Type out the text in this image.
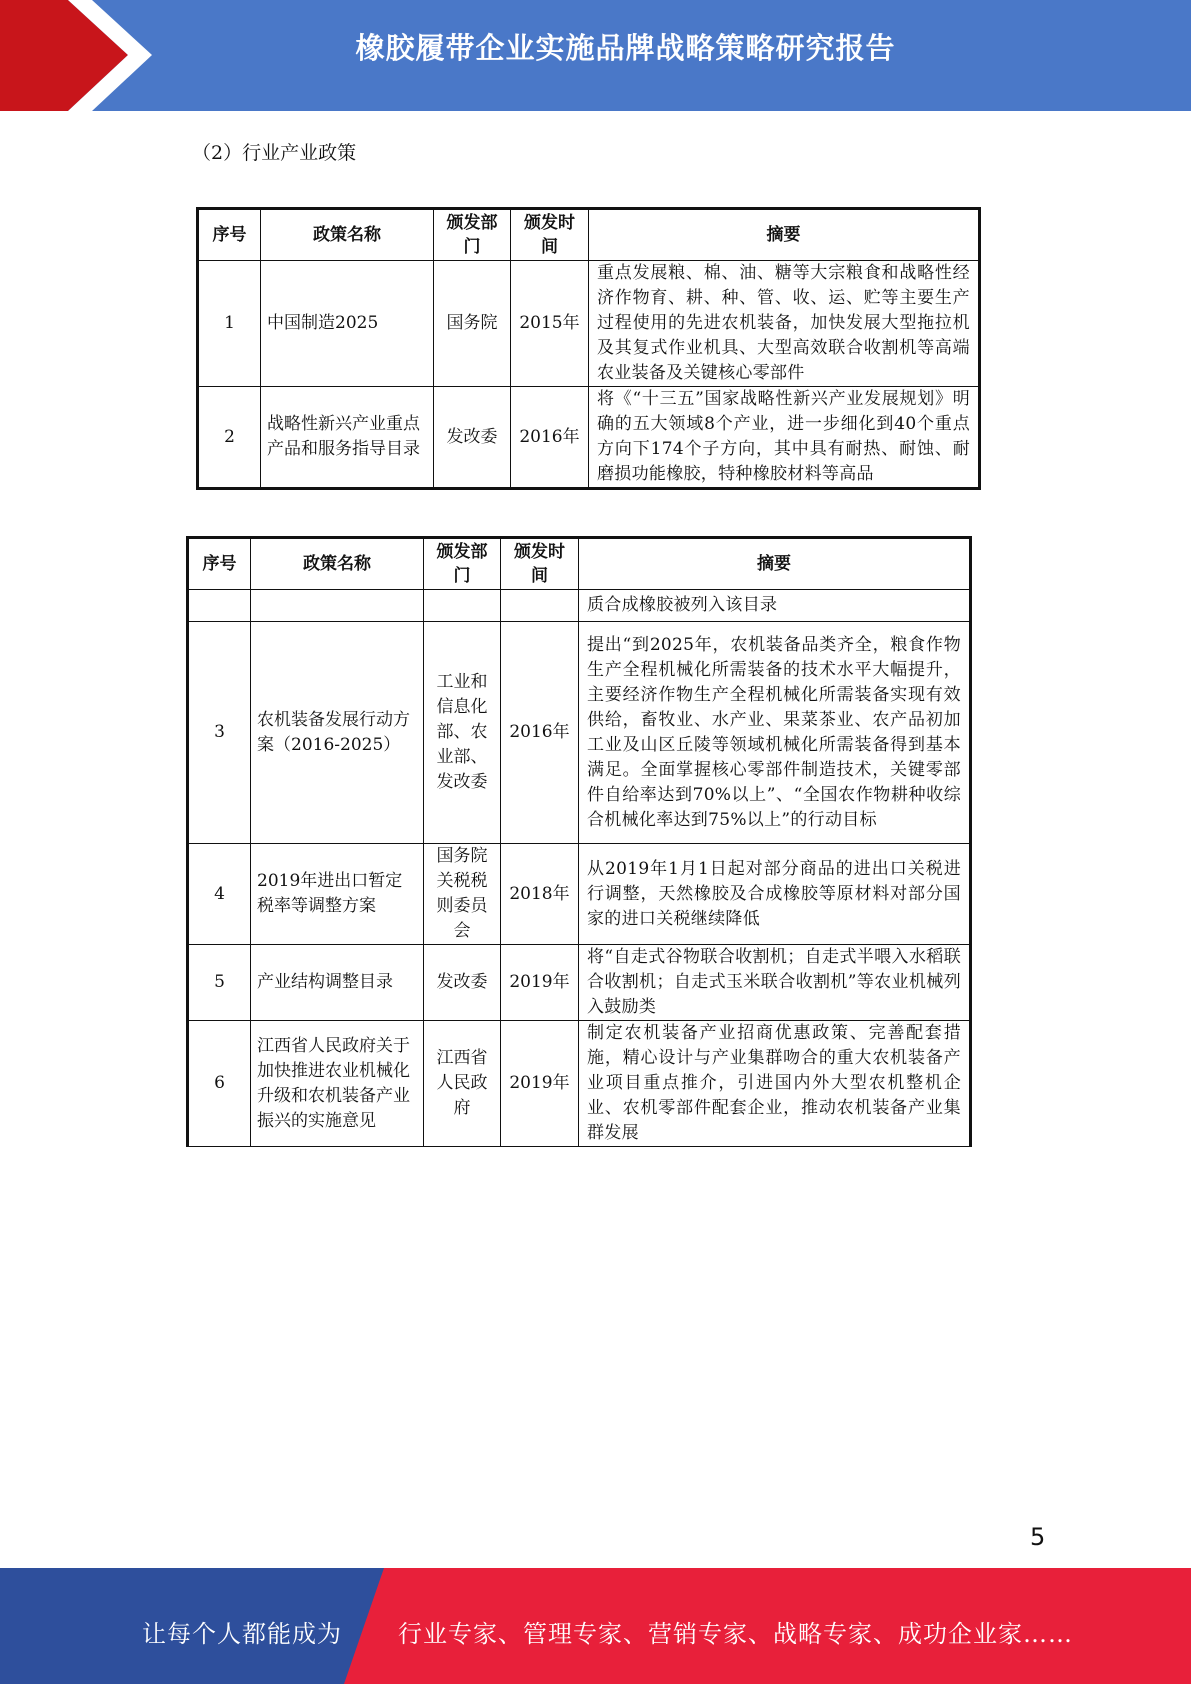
橡胶履带企业实施品牌战略策略研究报告
（2）行业产业政策
序号	政策名称	颁发部门	颁发时间	摘要
1	中国制造2025	国务院	2015年	重点发展粮、棉、油、糖等大宗粮食和战略性经济作物育、耕、种、管、收、运、贮等主要生产过程使用的先进农机装备，加快发展大型拖拉机及其复式作业机具、大型高效联合收割机等高端农业装备及关键核心零部件
2	战略性新兴产业重点产品和服务指导目录	发改委	2016年	将《“十三五”国家战略性新兴产业发展规划》明确的五大领域8个产业，进一步细化到40个重点方向下174个子方向，其中具有耐热、耐蚀、耐磨损功能橡胶，特种橡胶材料等高品
序号	政策名称	颁发部门	颁发时间	摘要
				质合成橡胶被列入该目录
3	农机装备发展行动方案（2016-2025）	工业和信息化部、农业部、发改委	2016年	提出“到2025年，农机装备品类齐全，粮食作物生产全程机械化所需装备的技术水平大幅提升，主要经济作物生产全程机械化所需装备实现有效供给，畜牧业、水产业、果菜茶业、农产品初加工业及山区丘陵等领域机械化所需装备得到基本满足。全面掌握核心零部件制造技术，关键零部件自给率达到70%以上”、“全国农作物耕种收综合机械化率达到75%以上”的行动目标
4	2019年进出口暂定税率等调整方案	国务院关税税则委员会	2018年	从2019年1月1日起对部分商品的进出口关税进行调整，天然橡胶及合成橡胶等原材料对部分国家的进口关税继续降低
5	产业结构调整目录	发改委	2019年	将“自走式谷物联合收割机；自走式半喂入水稻联合收割机；自走式玉米联合收割机”等农业机械列入鼓励类
6	江西省人民政府关于加快推进农业机械化升级和农机装备产业振兴的实施意见	江西省人民政府	2019年	制定农机装备产业招商优惠政策、完善配套措施，精心设计与产业集群吻合的重大农机装备产业项目重点推介，引进国内外大型农机整机企业、农机零部件配套企业，推动农机装备产业集群发展
5
让每个人都能成为 行业专家、管理专家、营销专家、战略专家、成功企业家……
